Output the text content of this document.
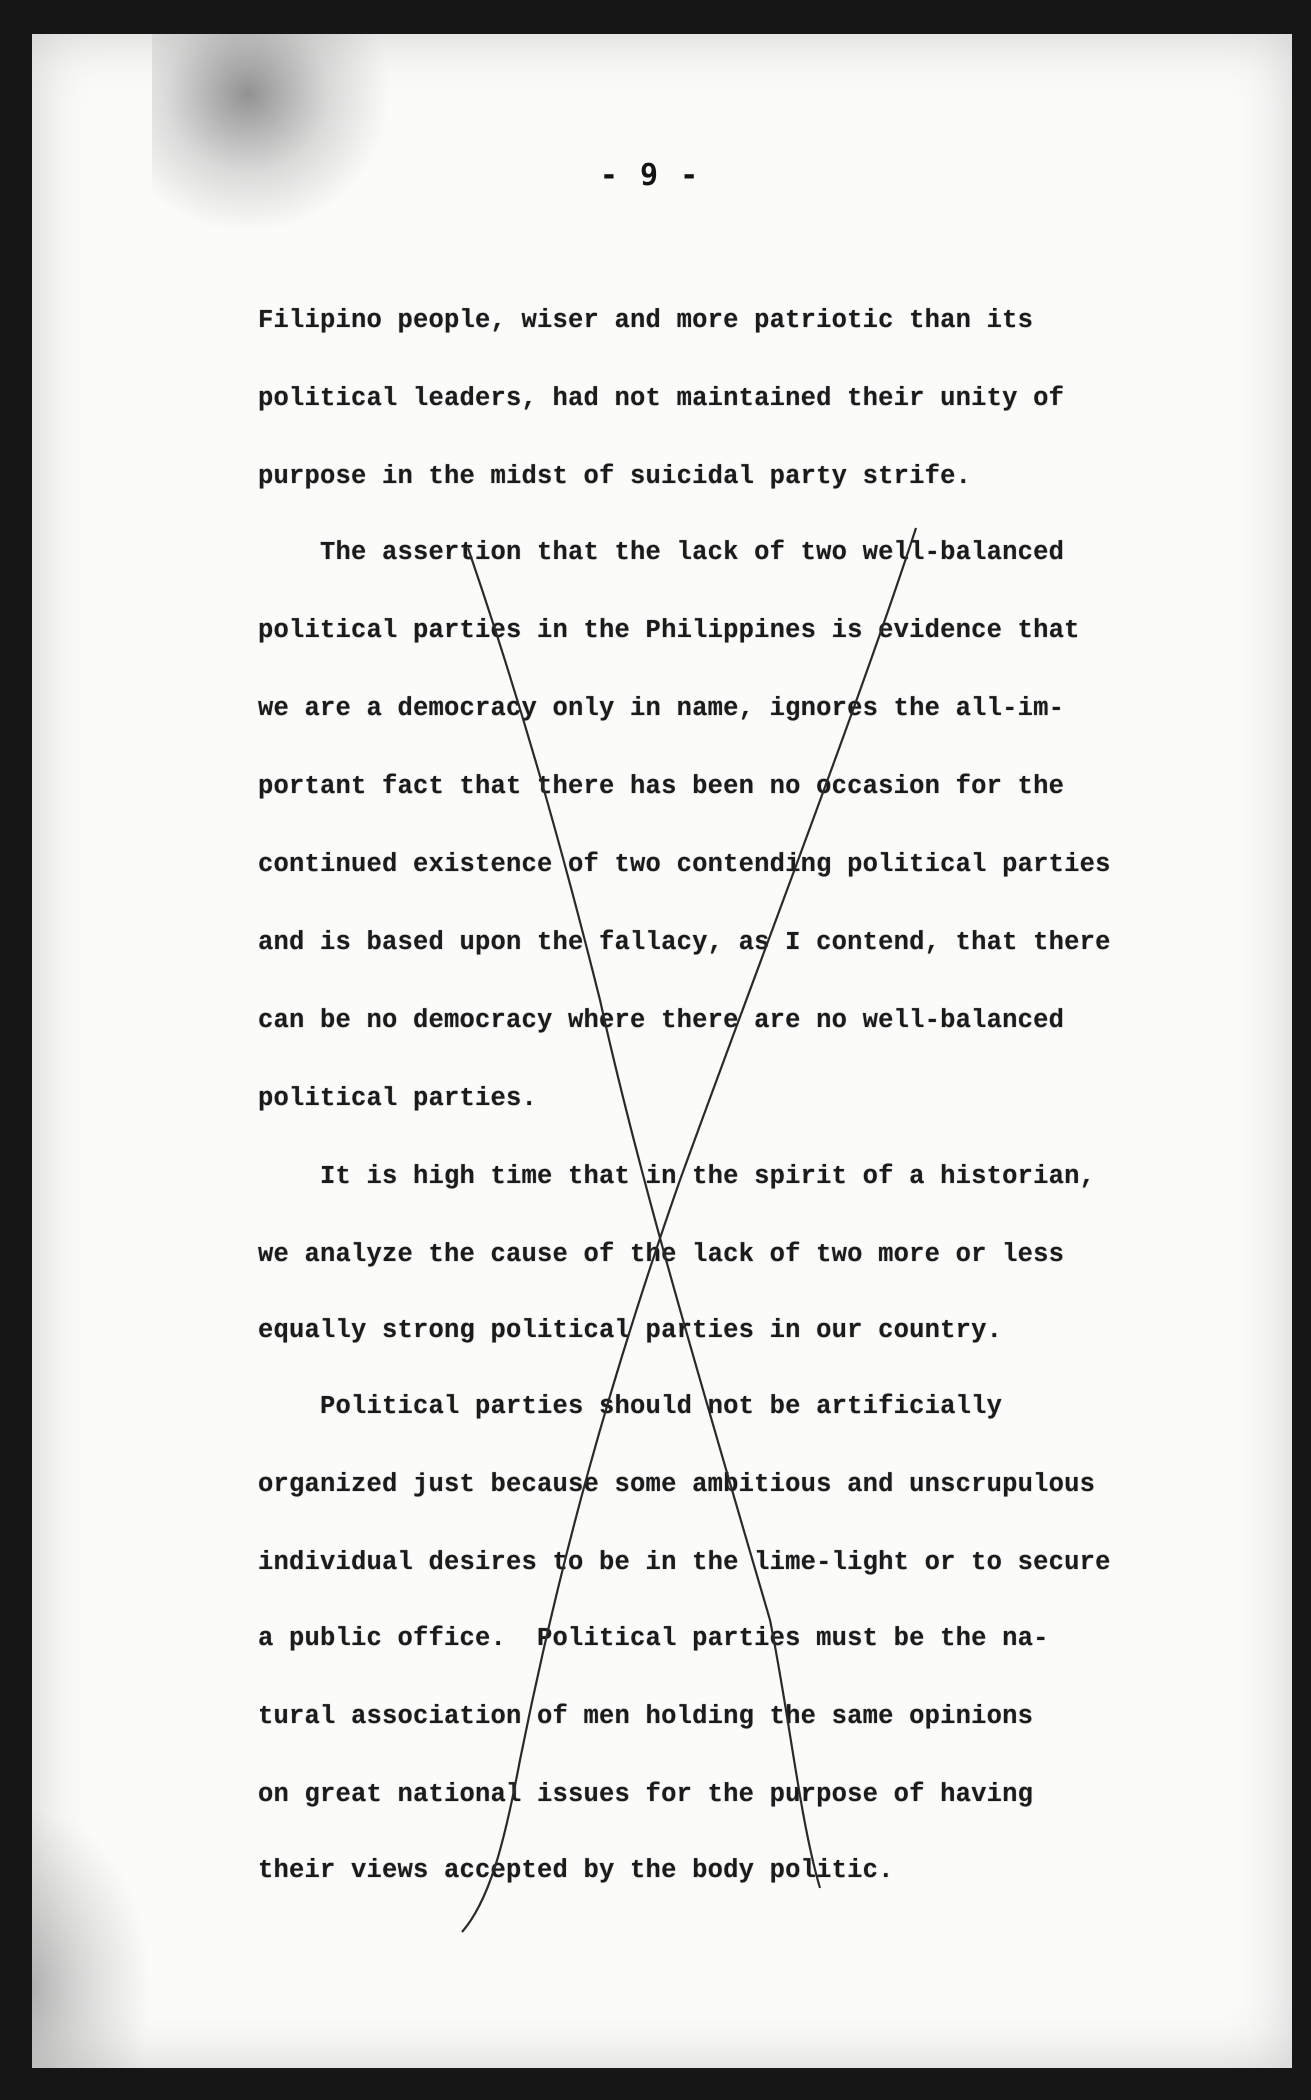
- 9 -
Filipino people, wiser and more patriotic than its
political leaders, had not maintained their unity of
purpose in the midst of suicidal party strife.
The assertion that the lack of two well-balanced
political parties in the Philippines is evidence that
we are a democracy only in name, ignores the all-im-
portant fact that there has been no occasion for the
continued existence of two contending political parties
and is based upon the fallacy, as I contend, that there
can be no democracy where there are no well-balanced
political parties.
It is high time that in the spirit of a historian,
we analyze the cause of the lack of two more or less
equally strong political parties in our country.
Political parties should not be artificially
organized just because some ambitious and unscrupulous
individual desires to be in the lime-light or to secure
a public office.  Political parties must be the na-
tural association of men holding the same opinions
on great national issues for the purpose of having
their views accepted by the body politic.
